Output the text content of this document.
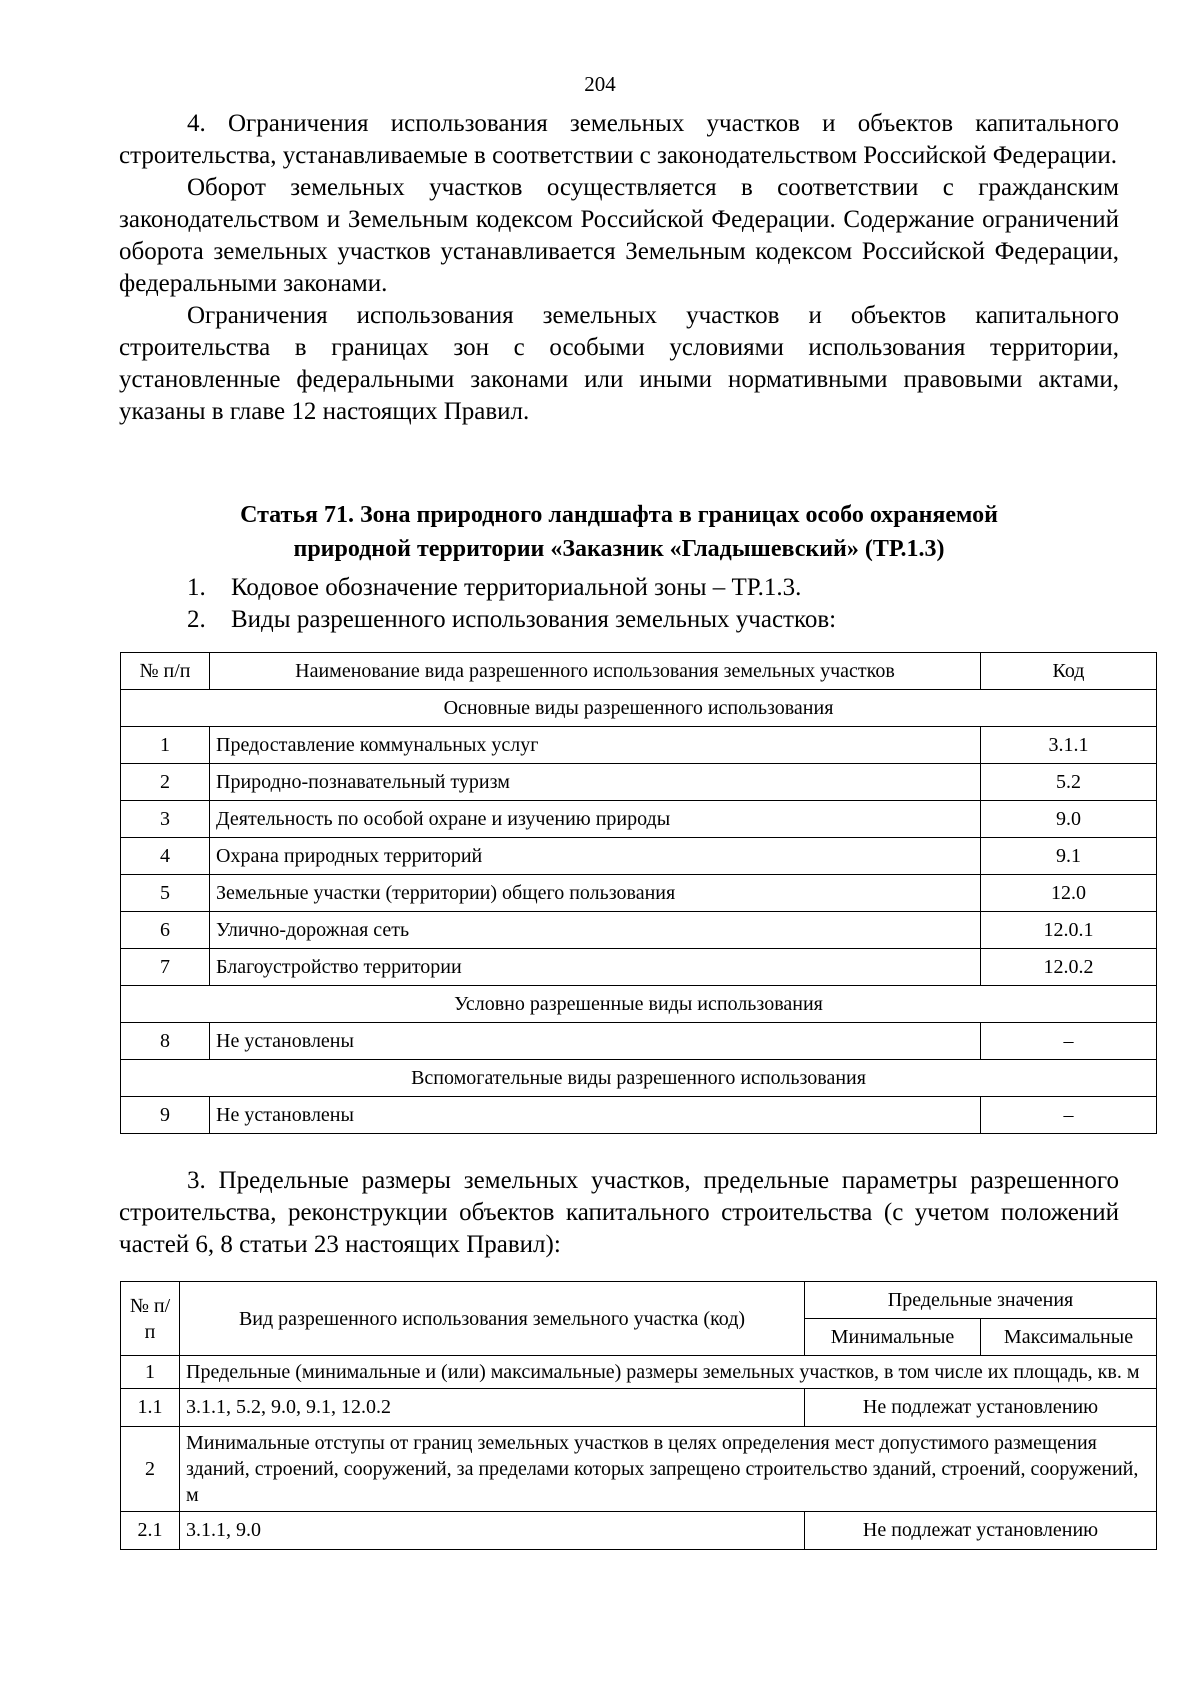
204

4. Ограничения использования земельных участков и объектов капитального строительства, устанавливаемые в соответствии с законодательством Российской Федерации.

Оборот земельных участков осуществляется в соответствии с гражданским законодательством и Земельным кодексом Российской Федерации. Содержание ограничений оборота земельных участков устанавливается Земельным кодексом Российской Федерации, федеральными законами.

Ограничения использования земельных участков и объектов капитального строительства в границах зон с особыми условиями использования территории, установленные федеральными законами или иными нормативными правовыми актами, указаны в главе 12 настоящих Правил.

Статья 71. Зона природного ландшафта в границах особо охраняемой
природной территории «Заказник «Гладышевский» (ТР.1.3)

1. Кодовое обозначение территориальной зоны – ТР.1.3.

2. Виды разрешенного использования земельных участков:

№ п/п	Наименование вида разрешенного использования земельных участков	Код
Основные виды разрешенного использования		
1	Предоставление коммунальных услуг	3.1.1
2	Природно-познавательный туризм	5.2
3	Деятельность по особой охране и изучению природы	9.0
4	Охрана природных территорий	9.1
5	Земельные участки (территории) общего пользования	12.0
6	Улично-дорожная сеть	12.0.1
7	Благоустройство территории	12.0.2
Условно разрешенные виды использования		
8	Не установлены	–
Вспомогательные виды разрешенного использования		
9	Не установлены	–

3. Предельные размеры земельных участков, предельные параметры разрешенного строительства, реконструкции объектов капитального строительства (с учетом положений частей 6, 8 статьи 23 настоящих Правил):

№ п/п	Вид разрешенного использования земельного участка (код)	Предельные значения	
		Минимальные	Максимальные
1	Предельные (минимальные и (или) максимальные) размеры земельных участков, в том числе их площадь, кв. м		
1.1	3.1.1, 5.2, 9.0, 9.1, 12.0.2	Не подлежат установлению	
2	Минимальные отступы от границ земельных участков в целях определения мест допустимого размещения зданий, строений, сооружений, за пределами которых запрещено строительство зданий, строений, сооружений, м		
2.1	3.1.1, 9.0	Не подлежат установлению	
